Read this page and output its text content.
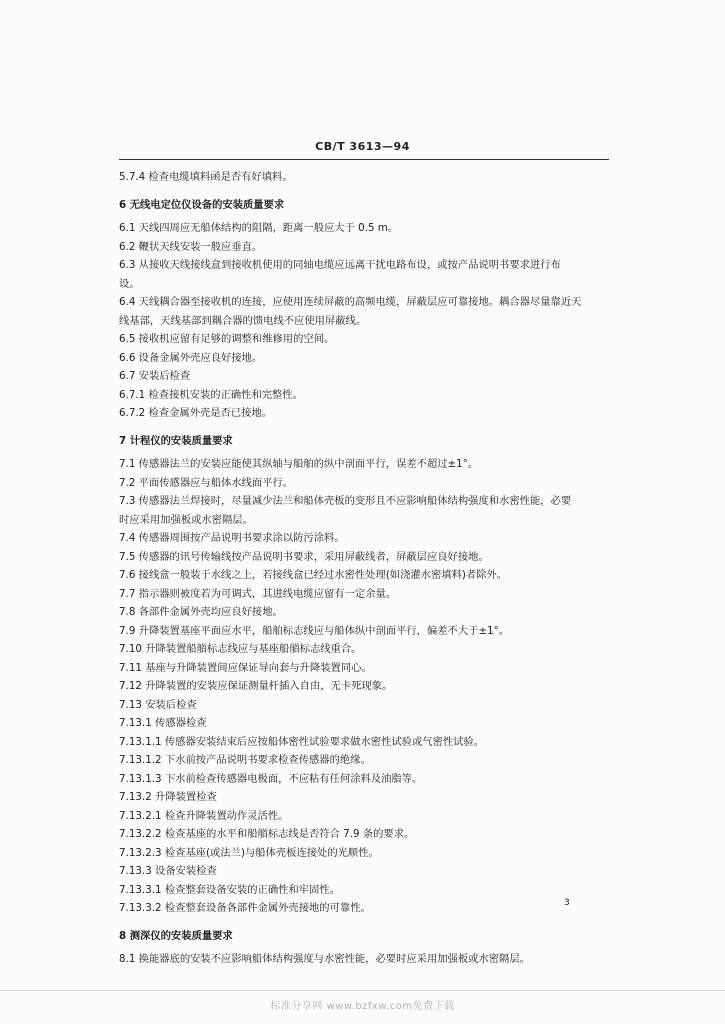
CB/T 3613—94
5.7.4 检查电缆填料函是否有好填料。
6 无线电定位仪设备的安装质量要求
6.1 天线四周应无船体结构的阻隔，距离一般应大于 0.5 m。
6.2 鞭状天线安装一般应垂直。
6.3 从接收天线接线盒到接收机使用的同轴电缆应远离干扰电路布设，或按产品说明书要求进行布
设。
6.4 天线耦合器至接收机的连接，应使用连续屏蔽的高频电缆，屏蔽层应可靠接地。耦合器尽量靠近天
线基部，天线基部到耦合器的馈电线不应使用屏蔽线。
6.5 接收机应留有足够的调整和维修用的空间。
6.6 设备金属外壳应良好接地。
6.7 安装后检查
6.7.1 检查接机安装的正确性和完整性。
6.7.2 检查金属外壳是否已接地。
7 计程仪的安装质量要求
7.1 传感器法兰的安装应能使其纵轴与船舶的纵中剖面平行，误差不超过±1°。
7.2 平面传感器应与船体水线面平行。
7.3 传感器法兰焊接时，尽量减少法兰和船体壳板的变形且不应影响船体结构强度和水密性能，必要
时应采用加强板或水密隔层。
7.4 传感器周围按产品说明书要求涂以防污涂料。
7.5 传感器的讯号传输线按产品说明书要求，采用屏蔽线者，屏蔽层应良好接地。
7.6 接线盒一般装于水线之上，若接线盒已经过水密性处理(如浇灌水密填料)者除外。
7.7 指示器则被度若为可调式，其进线电缆应留有一定余量。
7.8 各部件金属外壳均应良好接地。
7.9 升降装置基座平面应水平，船舶标志线应与船体纵中剖面平行，偏差不大于±1°。
7.10 升降装置船艏标志线应与基座船艏标志线重合。
7.11 基座与升降装置间应保证导向套与升降装置同心。
7.12 升降装置的安装应保证测量杆插入自由，无卡死现象。
7.13 安装后检查
7.13.1 传感器检查
7.13.1.1 传感器安装结束后应按船体密性试验要求做水密性试验或气密性试验。
7.13.1.2 下水前按产品说明书要求检查传感器的绝缘。
7.13.1.3 下水前检查传感器电极面，不应粘有任何涂料及油脂等。
7.13.2 升降装置检查
7.13.2.1 检查升降装置动作灵活性。
7.13.2.2 检查基座的水平和船艏标志线是否符合 7.9 条的要求。
7.13.2.3 检查基座(或法兰)与船体壳板连接处的光顺性。
7.13.3 设备安装检查
7.13.3.1 检查整套设备安装的正确性和牢固性。
7.13.3.2 检查整套设备各部件金属外壳接地的可靠性。
8 测深仪的安装质量要求
8.1 换能器底的安装不应影响船体结构强度与水密性能，必要时应采用加强板或水密隔层。
3
标准分享网 www.bzfxw.com免费下载
